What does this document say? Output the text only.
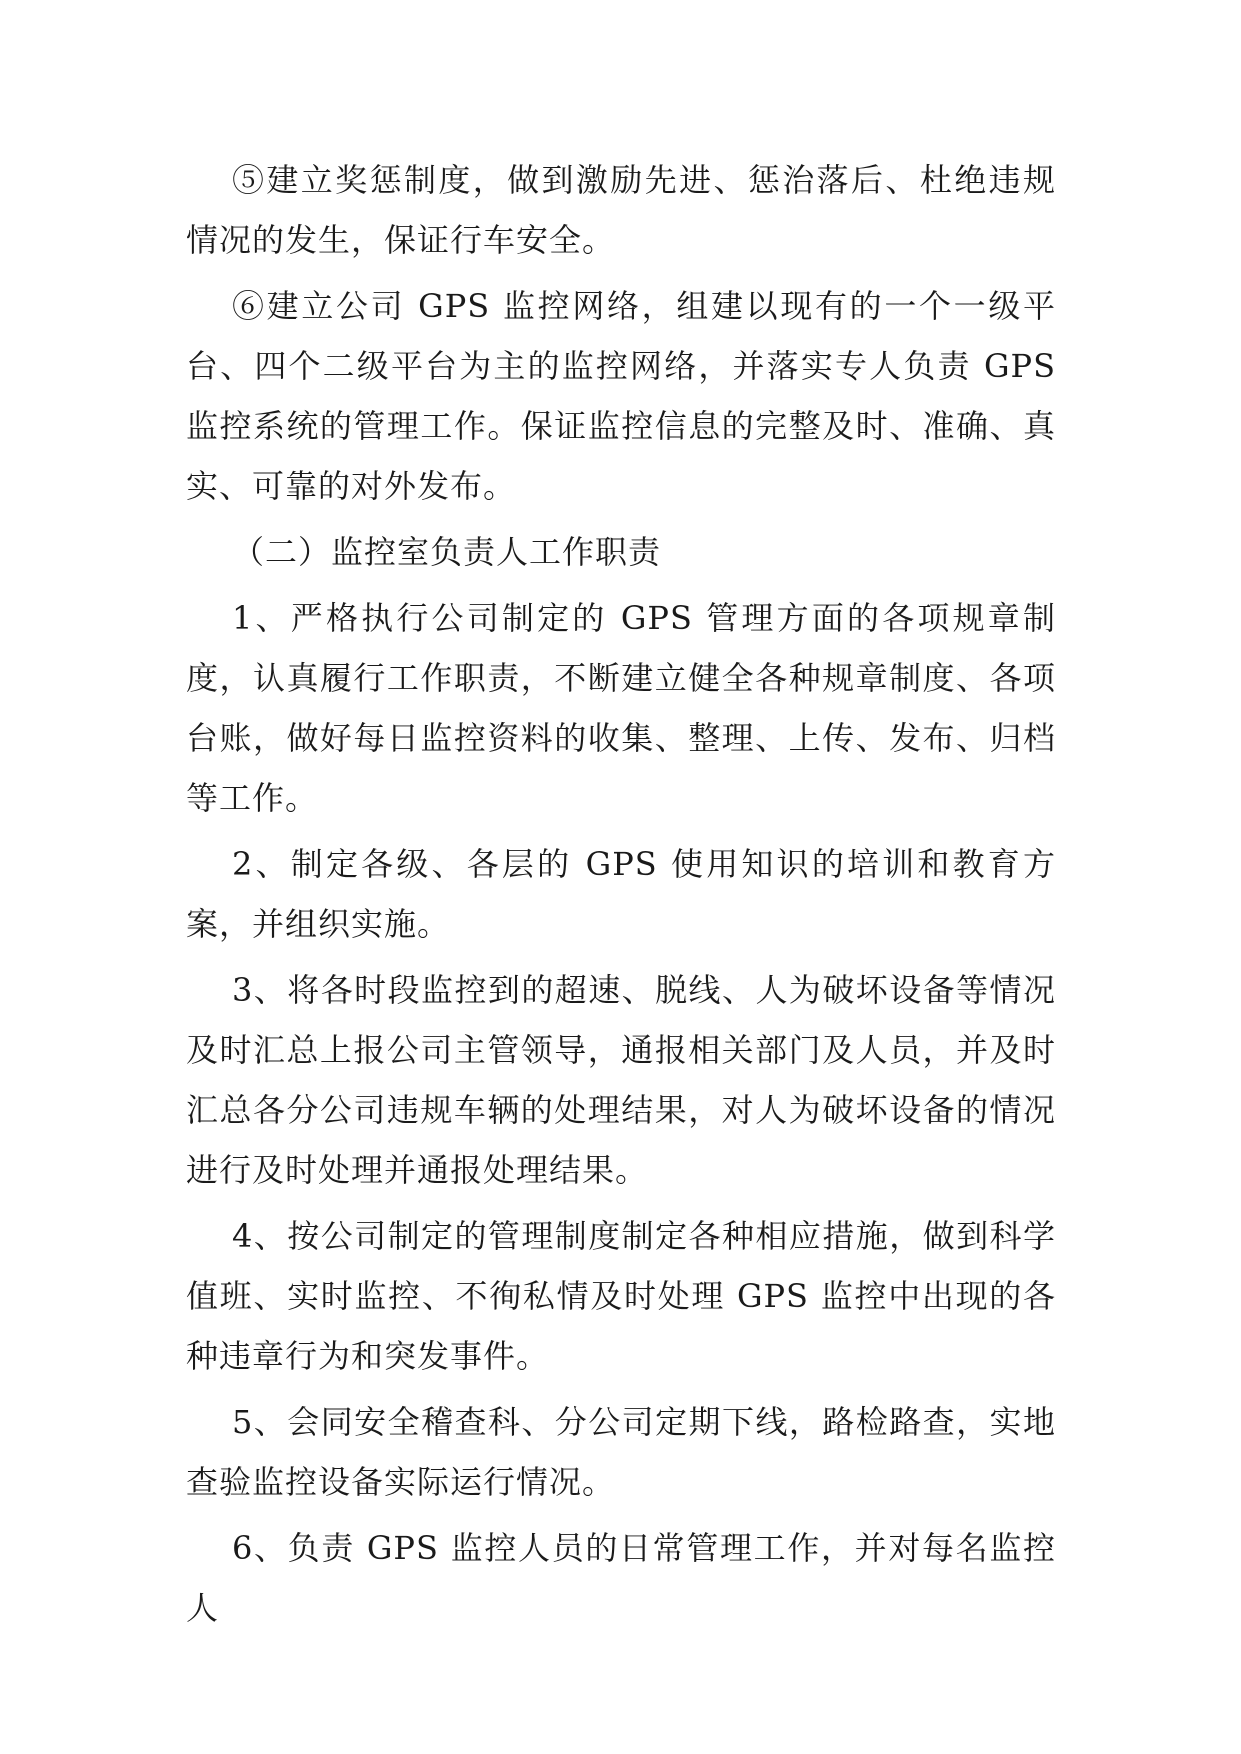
⑤建立奖惩制度，做到激励先进、惩治落后、杜绝违规情况的发生，保证行车安全。

⑥建立公司 GPS 监控网络，组建以现有的一个一级平台、四个二级平台为主的监控网络，并落实专人负责 GPS 监控系统的管理工作。保证监控信息的完整及时、准确、真实、可靠的对外发布。

（二）监控室负责人工作职责

1、严格执行公司制定的 GPS 管理方面的各项规章制度，认真履行工作职责，不断建立健全各种规章制度、各项台账，做好每日监控资料的收集、整理、上传、发布、归档等工作。

2、制定各级、各层的 GPS 使用知识的培训和教育方案，并组织实施。

3、将各时段监控到的超速、脱线、人为破坏设备等情况及时汇总上报公司主管领导，通报相关部门及人员，并及时汇总各分公司违规车辆的处理结果，对人为破坏设备的情况进行及时处理并通报处理结果。

4、按公司制定的管理制度制定各种相应措施，做到科学值班、实时监控、不徇私情及时处理 GPS 监控中出现的各种违章行为和突发事件。

5、会同安全稽查科、分公司定期下线，路检路查，实地查验监控设备实际运行情况。

6、负责 GPS 监控人员的日常管理工作，并对每名监控人
